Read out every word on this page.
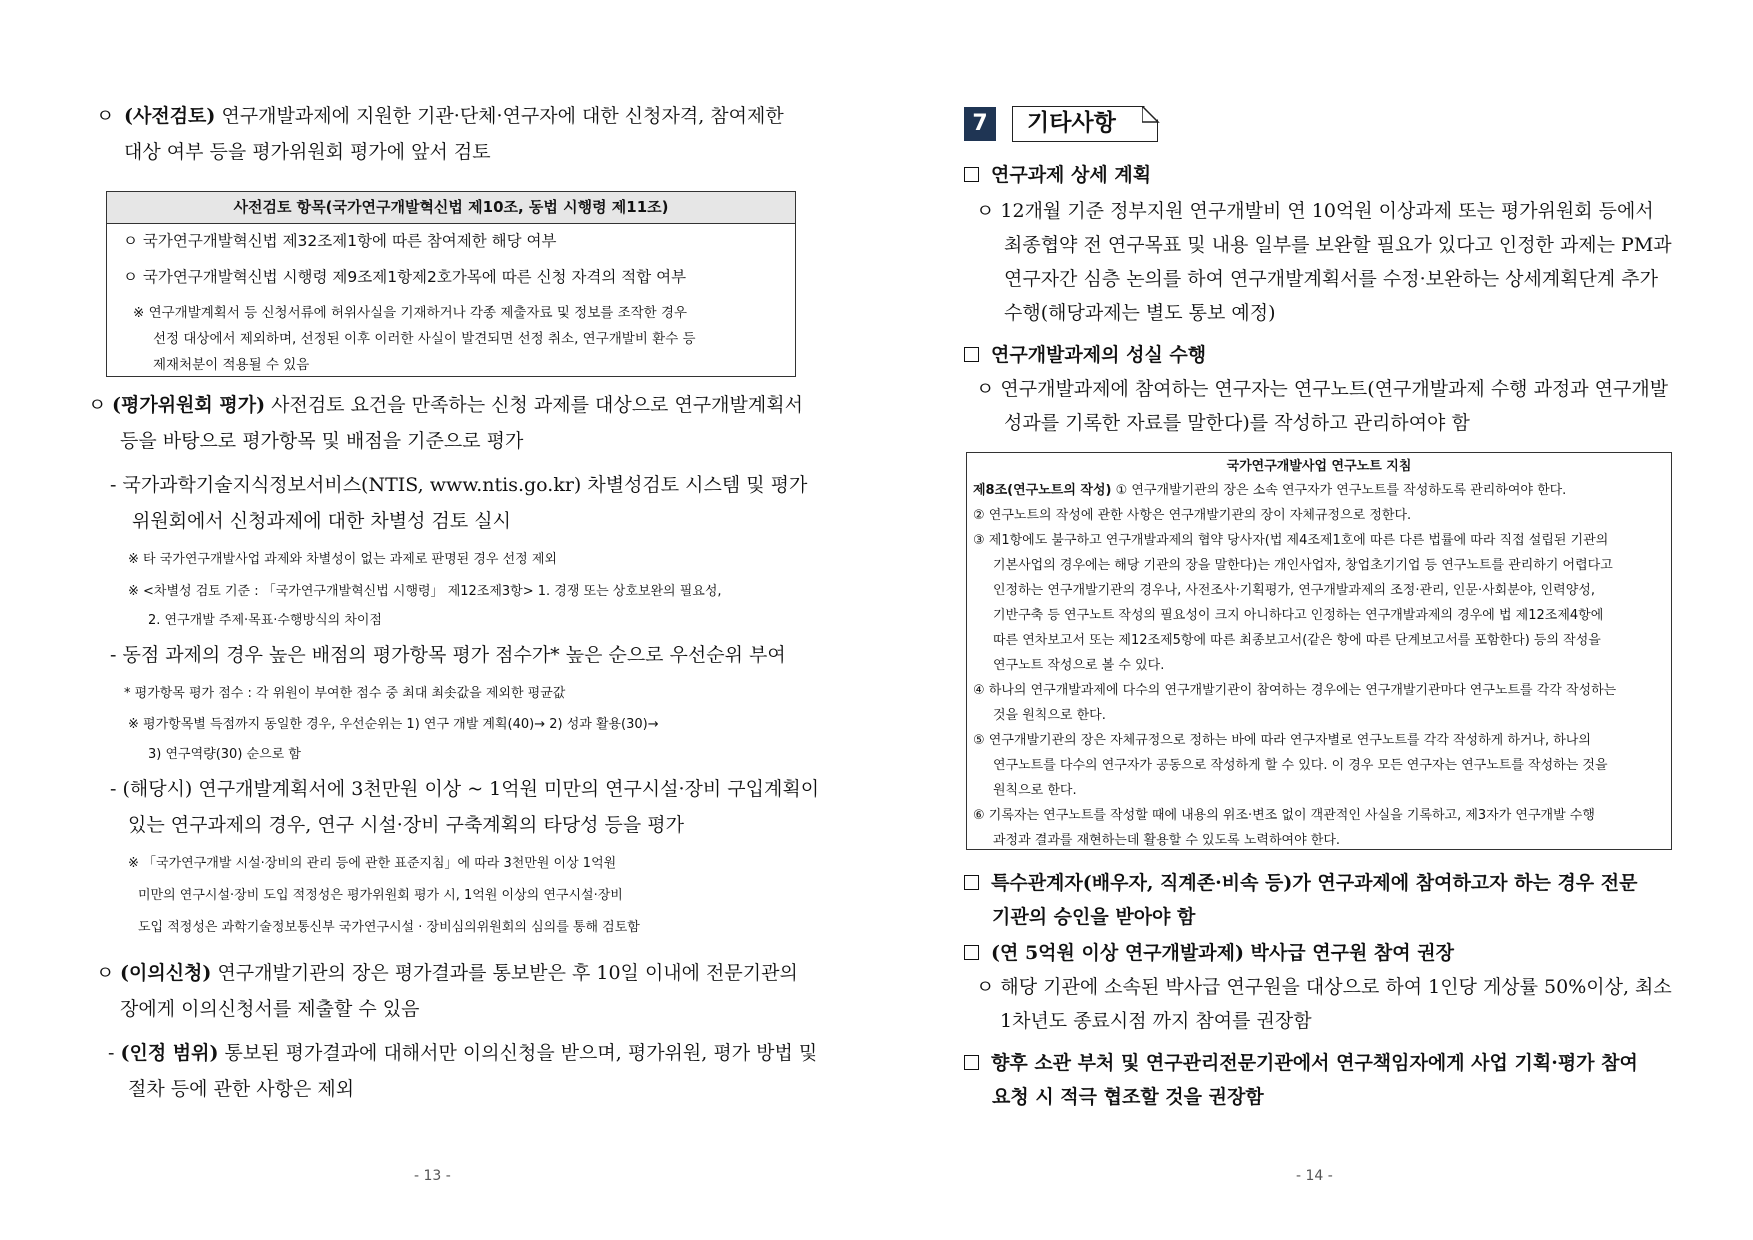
ㅇ (사전검토) 연구개발과제에 지원한 기관·단체·연구자에 대한 신청자격, 참여제한
대상 여부 등을 평가위원회 평가에 앞서 검토
사전검토 항목(국가연구개발혁신법 제10조, 동법 시행령 제11조)
ㅇ 국가연구개발혁신법 제32조제1항에 따른 참여제한 해당 여부
ㅇ 국가연구개발혁신법 시행령 제9조제1항제2호가목에 따른 신청 자격의 적합 여부
※ 연구개발계획서 등 신청서류에 허위사실을 기재하거나 각종 제출자료 및 정보를 조작한 경우
선정 대상에서 제외하며, 선정된 이후 이러한 사실이 발견되면 선정 취소, 연구개발비 환수 등
제재처분이 적용될 수 있음
ㅇ (평가위원회 평가) 사전검토 요건을 만족하는 신청 과제를 대상으로 연구개발계획서
등을 바탕으로 평가항목 및 배점을 기준으로 평가
- 국가과학기술지식정보서비스(NTIS, www.ntis.go.kr) 차별성검토 시스템 및 평가
위원회에서 신청과제에 대한 차별성 검토 실시
※ 타 국가연구개발사업 과제와 차별성이 없는 과제로 판명된 경우 선정 제외
※ <차별성 검토 기준 : 「국가연구개발혁신법 시행령」 제12조제3항> 1. 경쟁 또는 상호보완의 필요성,
2. 연구개발 주제·목표·수행방식의 차이점
- 동점 과제의 경우 높은 배점의 평가항목 평가 점수가* 높은 순으로 우선순위 부여
* 평가항목 평가 점수 : 각 위원이 부여한 점수 중 최대 최솟값을 제외한 평균값
※ 평가항목별 득점까지 동일한 경우, 우선순위는 1) 연구 개발 계획(40)→ 2) 성과 활용(30)→
3) 연구역량(30) 순으로 함
- (해당시) 연구개발계획서에 3천만원 이상 ~ 1억원 미만의 연구시설·장비 구입계획이
있는 연구과제의 경우, 연구 시설·장비 구축계획의 타당성 등을 평가
※ 「국가연구개발 시설·장비의 관리 등에 관한 표준지침」에 따라 3천만원 이상 1억원
미만의 연구시설·장비 도입 적정성은 평가위원회 평가 시, 1억원 이상의 연구시설·장비
도입 적정성은 과학기술정보통신부 국가연구시설 · 장비심의위원회의 심의를 통해 검토함
ㅇ (이의신청) 연구개발기관의 장은 평가결과를 통보받은 후 10일 이내에 전문기관의
장에게 이의신청서를 제출할 수 있음
- (인정 범위) 통보된 평가결과에 대해서만 이의신청을 받으며, 평가위원, 평가 방법 및
절차 등에 관한 사항은 제외
- 13 -
7	기타사항
연구과제 상세 계획
ㅇ 12개월 기준 정부지원 연구개발비 연 10억원 이상과제 또는 평가위원회 등에서
최종협약 전 연구목표 및 내용 일부를 보완할 필요가 있다고 인정한 과제는 PM과
연구자간 심층 논의를 하여 연구개발계획서를 수정·보완하는 상세계획단계 추가
수행(해당과제는 별도 통보 예정)
연구개발과제의 성실 수행
ㅇ 연구개발과제에 참여하는 연구자는 연구노트(연구개발과제 수행 과정과 연구개발
성과를 기록한 자료를 말한다)를 작성하고 관리하여야 함
국가연구개발사업 연구노트 지침
제8조(연구노트의 작성) ① 연구개발기관의 장은 소속 연구자가 연구노트를 작성하도록 관리하여야 한다.
② 연구노트의 작성에 관한 사항은 연구개발기관의 장이 자체규정으로 정한다.
③ 제1항에도 불구하고 연구개발과제의 협약 당사자(법 제4조제1호에 따른 다른 법률에 따라 직접 설립된 기관의
기본사업의 경우에는 해당 기관의 장을 말한다)는 개인사업자, 창업초기기업 등 연구노트를 관리하기 어렵다고
인정하는 연구개발기관의 경우나, 사전조사·기획평가, 연구개발과제의 조정·관리, 인문·사회분야, 인력양성,
기반구축 등 연구노트 작성의 필요성이 크지 아니하다고 인정하는 연구개발과제의 경우에 법 제12조제4항에
따른 연차보고서 또는 제12조제5항에 따른 최종보고서(같은 항에 따른 단계보고서를 포함한다) 등의 작성을
연구노트 작성으로 볼 수 있다.
④ 하나의 연구개발과제에 다수의 연구개발기관이 참여하는 경우에는 연구개발기관마다 연구노트를 각각 작성하는
것을 원칙으로 한다.
⑤ 연구개발기관의 장은 자체규정으로 정하는 바에 따라 연구자별로 연구노트를 각각 작성하게 하거나, 하나의
연구노트를 다수의 연구자가 공동으로 작성하게 할 수 있다. 이 경우 모든 연구자는 연구노트를 작성하는 것을
원칙으로 한다.
⑥ 기록자는 연구노트를 작성할 때에 내용의 위조·변조 없이 객관적인 사실을 기록하고, 제3자가 연구개발 수행
과정과 결과를 재현하는데 활용할 수 있도록 노력하여야 한다.
특수관계자(배우자, 직계존·비속 등)가 연구과제에 참여하고자 하는 경우 전문
기관의 승인을 받아야 함
(연 5억원 이상 연구개발과제) 박사급 연구원 참여 권장
ㅇ 해당 기관에 소속된 박사급 연구원을 대상으로 하여 1인당 게상률 50%이상, 최소
1차년도 종료시점 까지 참여를 권장함
향후 소관 부처 및 연구관리전문기관에서 연구책임자에게 사업 기획·평가 참여
요청 시 적극 협조할 것을 권장함
- 14 -
